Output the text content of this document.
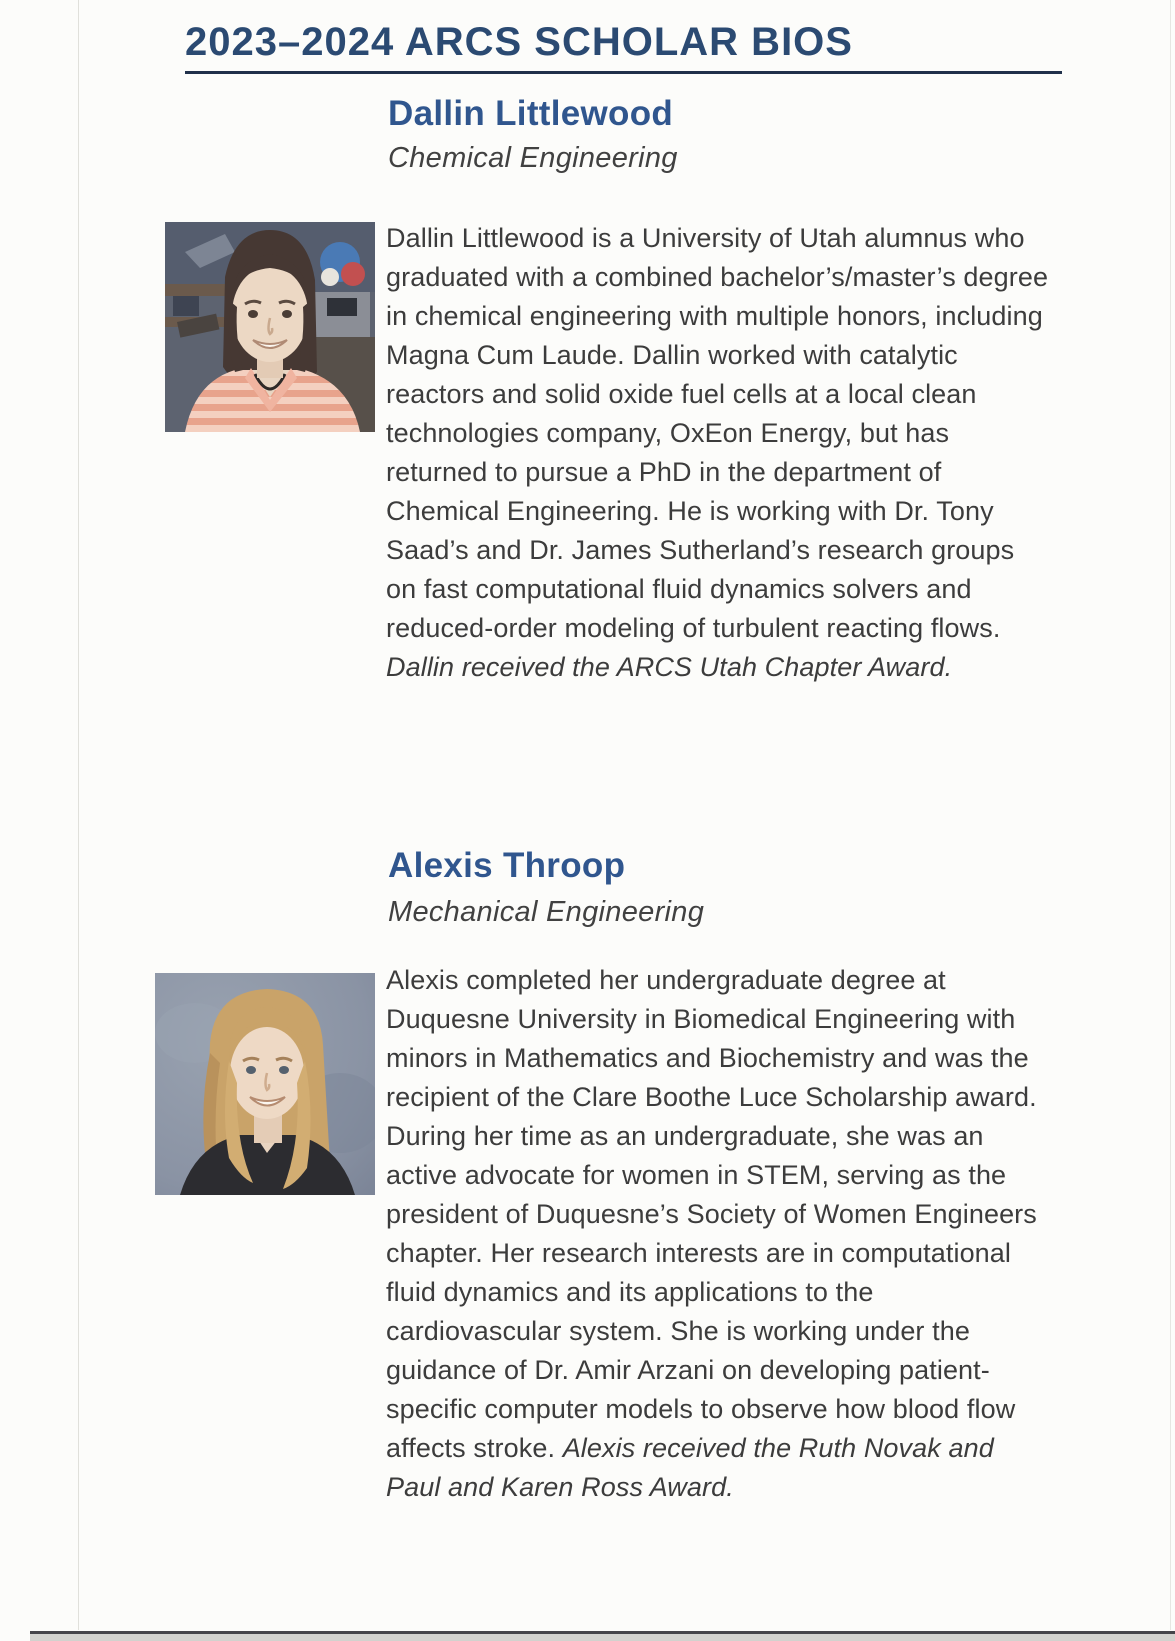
2023–2024 ARCS SCHOLAR BIOS
Dallin Littlewood
Chemical Engineering

Dallin Littlewood is a University of Utah alumnus who graduated with a combined bachelor’s/master’s degree in chemical engineering with multiple honors, including Magna Cum Laude. Dallin worked with catalytic reactors and solid oxide fuel cells at a local clean technologies company, OxEon Energy, but has returned to pursue a PhD in the department of Chemical Engineering. He is working with Dr. Tony Saad’s and Dr. James Sutherland’s research groups on fast computational fluid dynamics solvers and reduced-order modeling of turbulent reacting flows. Dallin received the ARCS Utah Chapter Award.

Alexis Throop
Mechanical Engineering

Alexis completed her undergraduate degree at Duquesne University in Biomedical Engineering with minors in Mathematics and Biochemistry and was the recipient of the Clare Boothe Luce Scholarship award. During her time as an undergraduate, she was an active advocate for women in STEM, serving as the president of Duquesne’s Society of Women Engineers chapter. Her research interests are in computational fluid dynamics and its applications to the cardiovascular system. She is working under the guidance of Dr. Amir Arzani on developing patient-specific computer models to observe how blood flow affects stroke. Alexis received the Ruth Novak and Paul and Karen Ross Award.
